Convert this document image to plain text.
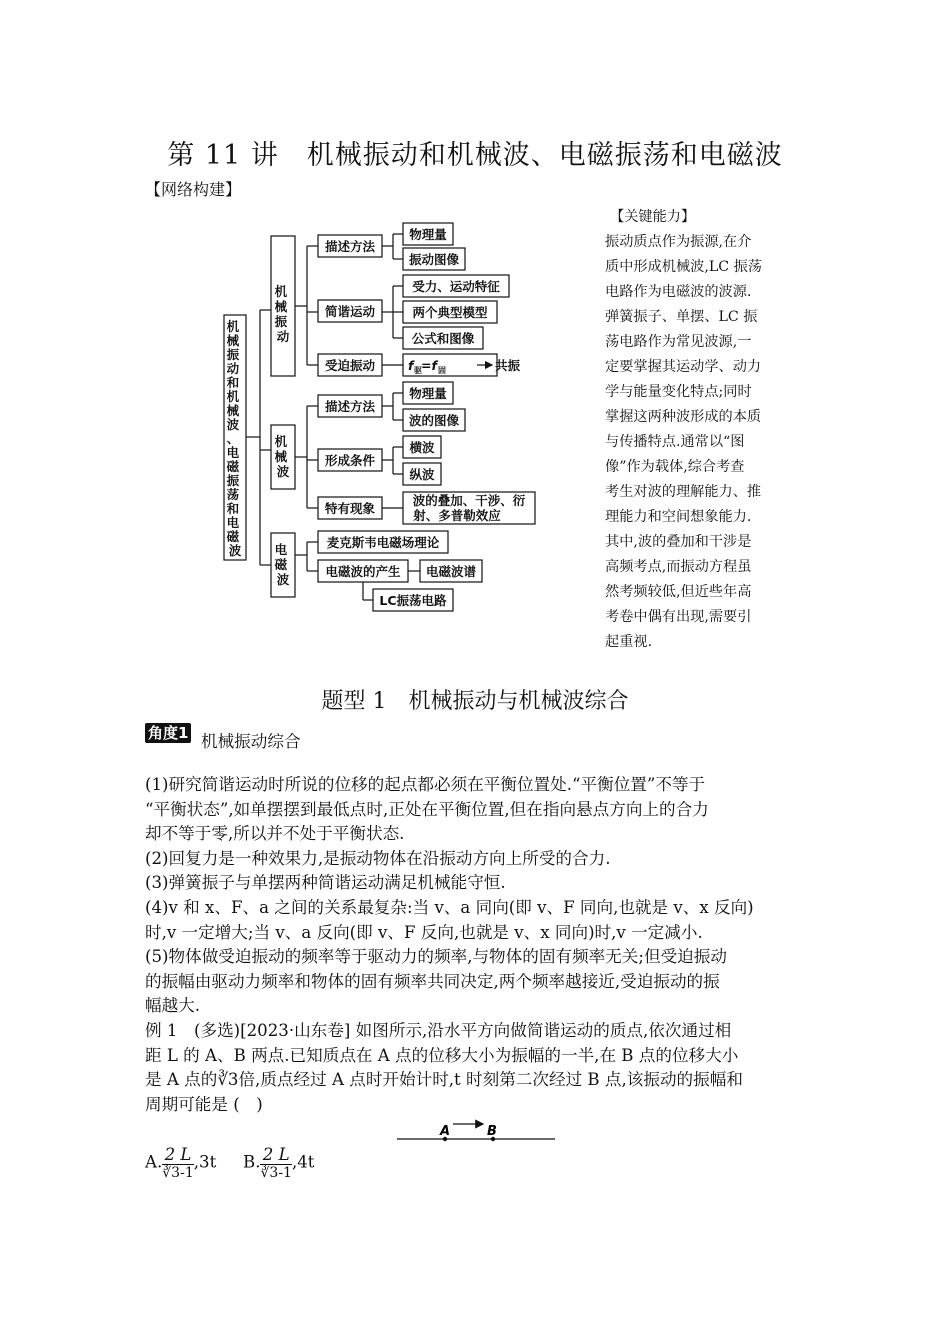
第 11 讲　机械振动和机械波、电磁振荡和电磁波
【网络构建】
机 械 振 动 和 机 械 波 、 电 磁 振 荡 和 电 磁 波
机 械 振 动
机 械 波
电 磁 波
描述方法
简谐运动
受迫振动
描述方法
形成条件
特有现象
麦克斯韦电磁场理论
电磁波的产生
物理量
振动图像
受力、运动特征
两个典型模型
公式和图像
物理量
波的图像
横波
纵波
波的叠加、干涉、衍
射、多普勒效应
电磁波谱
LC振荡电路
f 驱 =f 固	共振
【关键能力】
振动质点作为振源,在介
质中形成机械波,LC 振荡
电路作为电磁波的波源.
弹簧振子、单摆、LC 振
荡电路作为常见波源,一
定要掌握其运动学、动力
学与能量变化特点;同时
掌握这两种波形成的本质
与传播特点.通常以“图
像”作为载体,综合考查
考生对波的理解能力、推
理能力和空间想象能力.
其中,波的叠加和干涉是
高频考点,而振动方程虽
然考频较低,但近些年高
考卷中偶有出现,需要引
起重视.
题型 1　机械振动与机械波综合
角度1 机械振动综合

(1)研究简谐运动时所说的位移的起点都必须在平衡位置处.“平衡位置”不等于

“平衡状态”,如单摆摆到最低点时,正处在平衡位置,但在指向悬点方向上的合力

却不等于零,所以并不处于平衡状态.

(2)回复力是一种效果力,是振动物体在沿振动方向上所受的合力.

(3)弹簧振子与单摆两种简谐运动满足机械能守恒.

(4)v 和 x、F、a 之间的关系最复杂:当 v、a 同向(即 v、F 同向,也就是 v、x 反向)

时,v 一定增大;当 v、a 反向(即 v、F 反向,也就是 v、x 同向)时,v 一定减小.

(5)物体做受迫振动的频率等于驱动力的频率,与物体的固有频率无关;但受迫振动

的振幅由驱动力频率和物体的固有频率共同决定,两个频率越接近,受迫振动的振

幅越大.

例 1　(多选)[2023·山东卷] 如图所示,沿水平方向做简谐运动的质点,依次通过相

距 L 的 A、B 两点.已知质点在 A 点的位移大小为振幅的一半,在 B 点的位移大小

是 A 点的∛3倍,质点经过 A 点时开始计时,t 时刻第二次经过 B 点,该振动的振幅和

周期可能是 (　)

A	B
A. $\frac{2 L}{∛3-1} ,3t$ B. $\frac{2 L}{∛3-1} ,4t$
